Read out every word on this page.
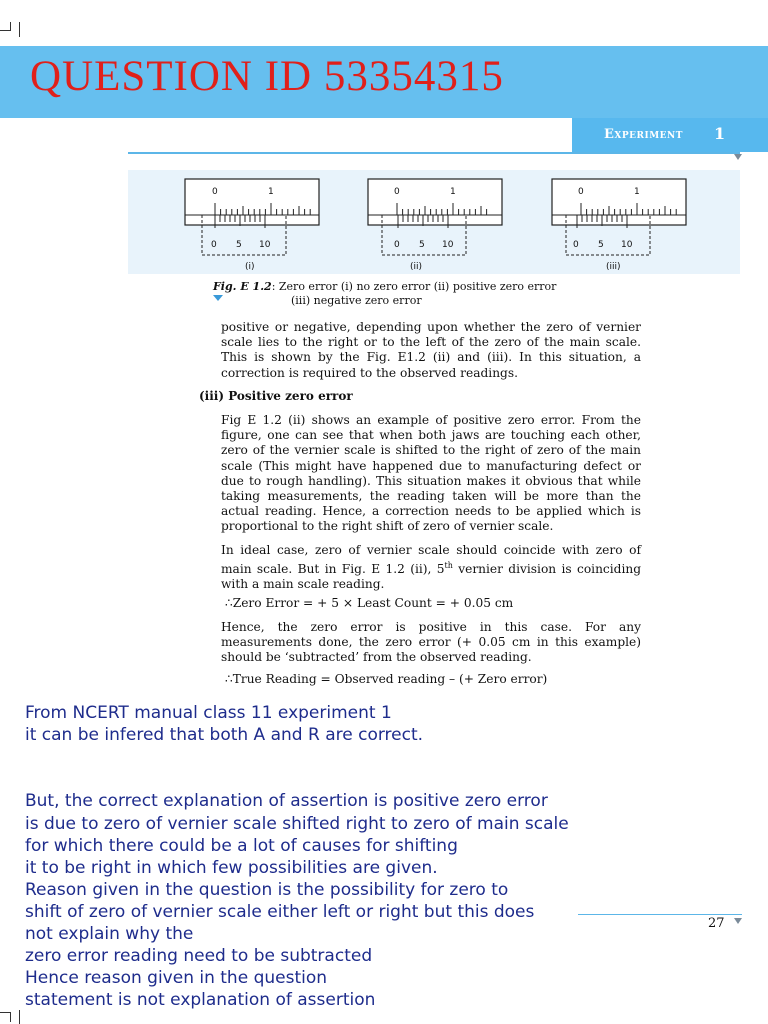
QUESTION ID 53354315
Experiment 1
0	1	0	1	0	1
0 5 10	0 5 10	0 5 10
(i)	(ii)	(iii)
Fig. E 1.2: Zero error (i) no zero error (ii) positive zero error
(iii) negative zero error
positive or negative, depending upon whether the zero of vernier scale lies to the right or to the left of the zero of the main scale. This is shown by the Fig. E1.2 (ii) and (iii). In this situation, a correction is required to the observed readings.
(iii) Positive zero error
Fig E 1.2 (ii) shows an example of positive zero error. From the figure, one can see that when both jaws are touching each other, zero of the vernier scale is shifted to the right of zero of the main scale (This might have happened due to manufacturing defect or due to rough handling). This situation makes it obvious that while taking measurements, the reading taken will be more than the actual reading. Hence, a correction needs to be applied which is proportional to the right shift of zero of vernier scale.
In ideal case, zero of vernier scale should coincide with zero of main scale. But in Fig. E 1.2 (ii), 5th vernier division is coinciding with a main scale reading.
∴Zero Error = + 5 × Least Count = + 0.05 cm
Hence, the zero error is positive in this case. For any measurements done, the zero error (+ 0.05 cm in this example) should be ‘subtracted’ from the observed reading.
∴True Reading = Observed reading – (+ Zero error)
From NCERT manual class 11 experiment 1
it can be infered that both A and R are correct.
But, the correct explanation of assertion is positive zero error
is due to zero of vernier scale shifted right to zero of main scale
for which there could be a lot of causes for shifting
it to be right in which few possibilities are given.
Reason given in the question is the possibility for zero to
shift of zero of vernier scale either left or right but this does
not explain why the
zero error reading need to be subtracted
Hence reason given in the question
statement is not explanation of assertion
27
